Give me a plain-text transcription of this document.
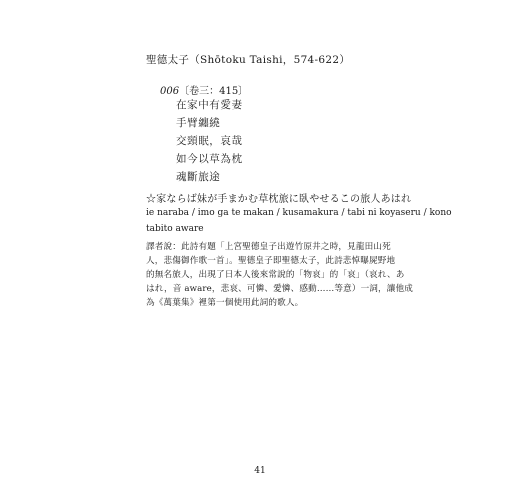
聖德太子（Shōtoku Taishi，574-622）
006〔卷三：415〕
在家中有愛妻
手臂纏繞
交頸眠，哀哉
如今以草為枕
魂斷旅途
☆家ならば妹が手まかむ草枕旅に臥やせるこの旅人あはれ
ie naraba / imo ga te makan / kusamakura / tabi ni koyaseru / kono
tabito aware
譯者說：此詩有題「上宮聖德皇子出遊竹原井之時，見龍田山死
人，悲傷御作歌一首」。聖德皇子即聖德太子，此詩悲悼曝屍野地
的無名旅人，出現了日本人後來常說的「物哀」的「哀」（哀れ、あ
はれ，音 aware，悲哀、可憐、愛憐、感動……等意）一詞，讓他成
為《萬葉集》裡第一個使用此詞的歌人。
41
